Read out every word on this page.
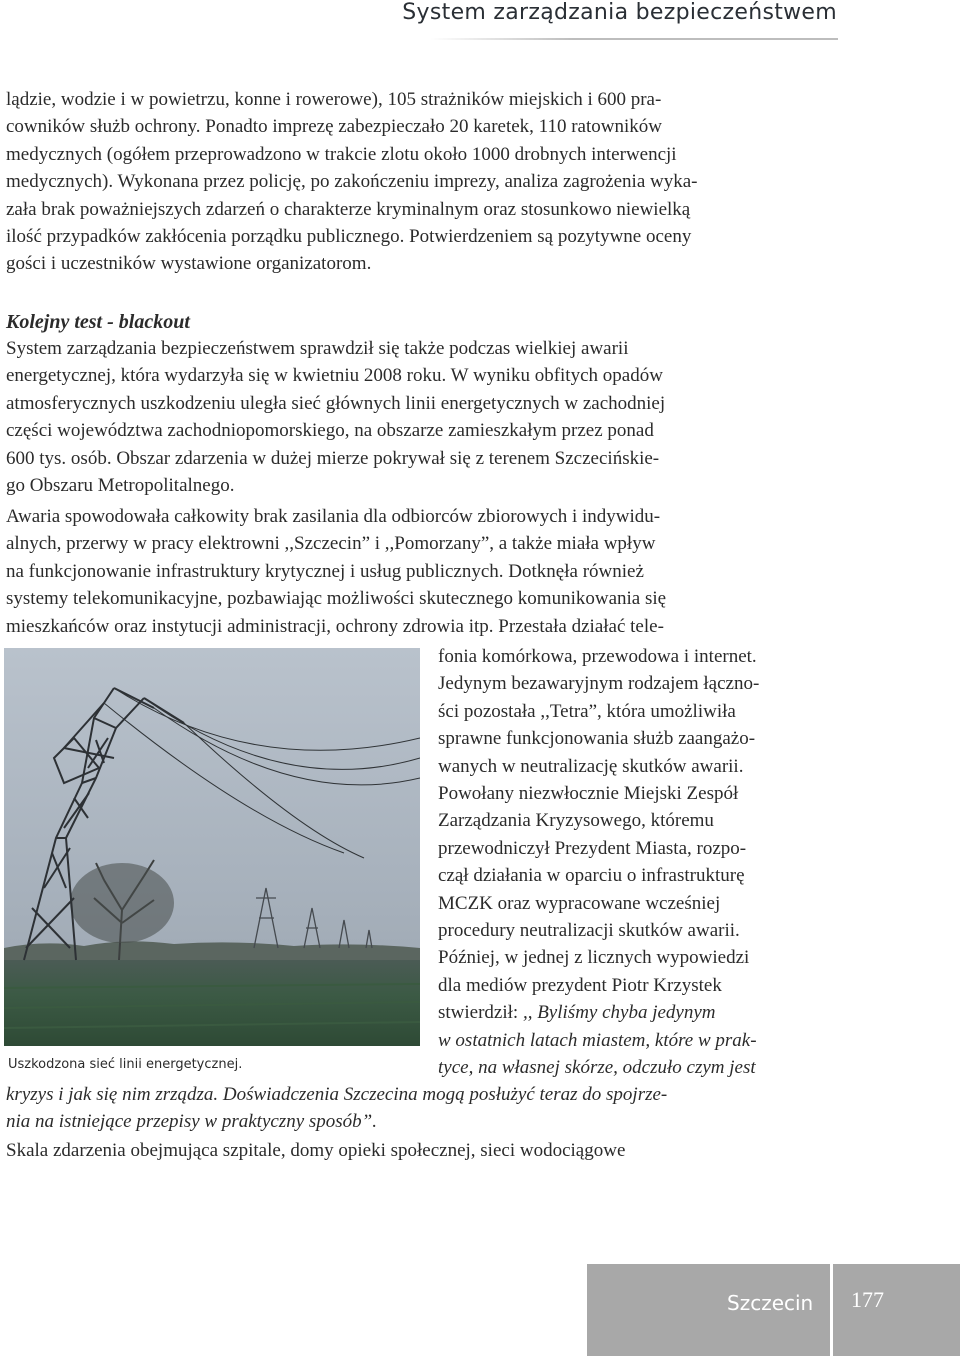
System zarządzania bezpieczeństwem

lądzie, wodzie i w powietrzu, konne i rowerowe), 105 strażników miejskich i 600 pra-
cowników służb ochrony. Ponadto imprezę zabezpieczało 20 karetek, 110 ratowników
medycznych (ogółem przeprowadzono w trakcie zlotu około 1000 drobnych interwencji
medycznych). Wykonana przez policję, po zakończeniu imprezy, analiza zagrożenia wyka-
zała brak poważniejszych zdarzeń o charakterze kryminalnym oraz stosunkowo niewielką
ilość przypadków zakłócenia porządku publicznego. Potwierdzeniem są pozytywne oceny
gości i uczestników wystawione organizatorom.

Kolejny test - blackout

System zarządzania bezpieczeństwem sprawdził się także podczas wielkiej awarii
energetycznej, która wydarzyła się w kwietniu 2008 roku. W wyniku obfitych opadów
atmosferycznych uszkodzeniu uległa sieć głównych linii energetycznych w zachodniej
części województwa zachodniopomorskiego, na obszarze zamieszkałym przez ponad
600 tys. osób. Obszar zdarzenia w dużej mierze pokrywał się z terenem Szczecińskie-
go Obszaru Metropolitalnego.

Awaria spowodowała całkowity brak zasilania dla odbiorców zbiorowych i indywidu-
alnych, przerwy w pracy elektrowni ,,Szczecin” i ,,Pomorzany”, a także miała wpływ
na funkcjonowanie infrastruktury krytycznej i usług publicznych. Dotknęła również
systemy telekomunikacyjne, pozbawiając możliwości skutecznego komunikowania się
mieszkańców oraz instytucji administracji, ochrony zdrowia itp. Przestała działać tele-

Uszkodzona sieć linii energetycznej.

fonia komórkowa, przewodowa i internet.
Jedynym bezawaryjnym rodzajem łączno-
ści pozostała ,,Tetra”, która umożliwiła
sprawne funkcjonowania służb zaangażo-
wanych w neutralizację skutków awarii.
Powołany niezwłocznie Miejski Zespół
Zarządzania Kryzysowego, któremu
przewodniczył Prezydent Miasta, rozpo-
czął działania w oparciu o infrastrukturę
MCZK oraz wypracowane wcześniej
procedury neutralizacji skutków awarii.
Później, w jednej z licznych wypowiedzi
dla mediów prezydent Piotr Krzystek
stwierdził: ,, Byliśmy chyba jedynym
w ostatnich latach miastem, które w prak-
tyce, na własnej skórze, odczuło czym jest

kryzys i jak się nim zrządza. Doświadczenia Szczecina mogą posłużyć teraz do spojrze-
nia na istniejące przepisy w praktyczny sposób”.

Skala zdarzenia obejmująca szpitale, domy opieki społecznej, sieci wodociągowe

Szczecin 177
